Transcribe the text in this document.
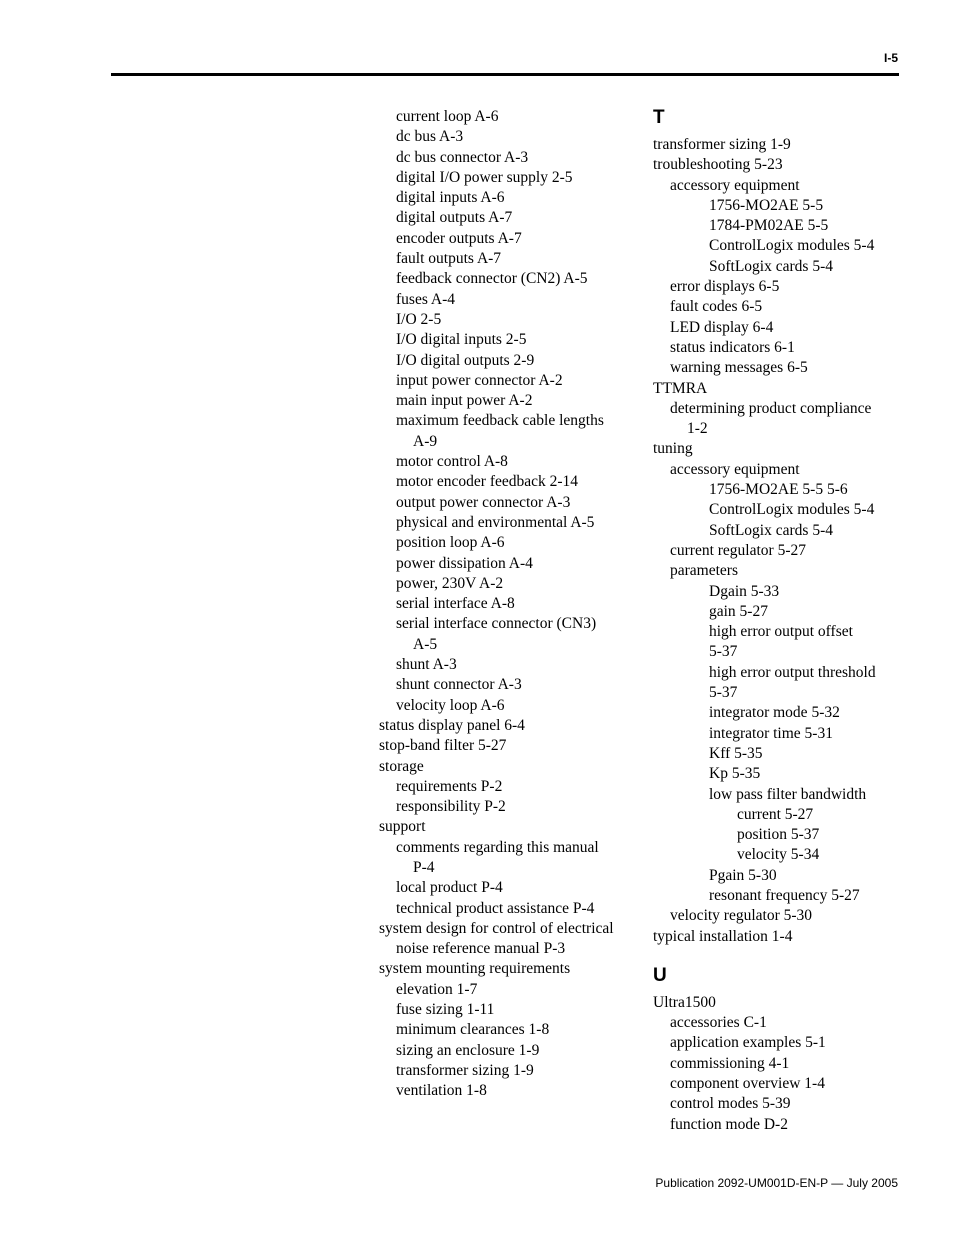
I-5
current loop A-6
dc bus A-3
dc bus connector A-3
digital I/O power supply 2-5
digital inputs A-6
digital outputs A-7
encoder outputs A-7
fault outputs A-7
feedback connector (CN2) A-5
fuses A-4
I/O 2-5
I/O digital inputs 2-5
I/O digital outputs 2-9
input power connector A-2
main input power A-2
maximum feedback cable lengths
A-9
motor control A-8
motor encoder feedback 2-14
output power connector A-3
physical and environmental A-5
position loop A-6
power dissipation A-4
power, 230V A-2
serial interface A-8
serial interface connector (CN3)
A-5
shunt A-3
shunt connector A-3
velocity loop A-6
status display panel 6-4
stop-band filter 5-27
storage
requirements P-2
responsibility P-2
support
comments regarding this manual
P-4
local product P-4
technical product assistance P-4
system design for control of electrical
noise reference manual P-3
system mounting requirements
elevation 1-7
fuse sizing 1-11
minimum clearances 1-8
sizing an enclosure 1-9
transformer sizing 1-9
ventilation 1-8
T
transformer sizing 1-9
troubleshooting 5-23
accessory equipment
1756-MO2AE 5-5
1784-PM02AE 5-5
ControlLogix modules 5-4
SoftLogix cards 5-4
error displays 6-5
fault codes 6-5
LED display 6-4
status indicators 6-1
warning messages 6-5
TTMRA
determining product compliance
1-2
tuning
accessory equipment
1756-MO2AE 5-5 5-6
ControlLogix modules 5-4
SoftLogix cards 5-4
current regulator 5-27
parameters
Dgain 5-33
gain 5-27
high error output offset
5-37
high error output threshold
5-37
integrator mode 5-32
integrator time 5-31
Kff 5-35
Kp 5-35
low pass filter bandwidth
current 5-27
position 5-37
velocity 5-34
Pgain 5-30
resonant frequency 5-27
velocity regulator 5-30
typical installation 1-4
U
Ultra1500
accessories C-1
application examples 5-1
commissioning 4-1
component overview 1-4
control modes 5-39
function mode D-2
Publication 2092-UM001D-EN-P — July 2005
